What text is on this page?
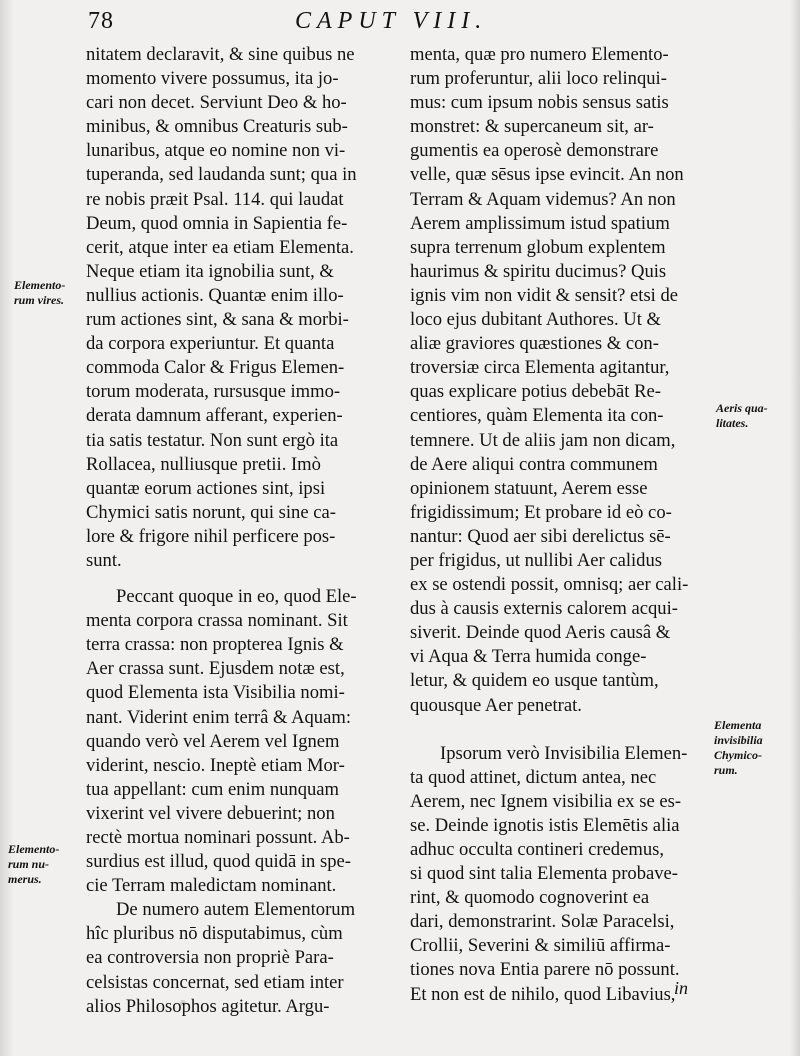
78	CAPUT VIII.
nitatem declaravit, & sine quibus ne
momento vivere possumus, ita jo-
cari non decet. Serviunt Deo & ho-
minibus, & omnibus Creaturis sub-
lunaribus, atque eo nomine non vi-
tuperanda, sed laudanda sunt; qua in
re nobis præit Psal. 114. qui laudat
Deum, quod omnia in Sapientia fe-
cerit, atque inter ea etiam Elementa.
Neque etiam ita ignobilia sunt, &
nullius actionis. Quantæ enim illo-
rum actiones sint, & sana & morbi-
da corpora experiuntur. Et quanta
commoda Calor & Frigus Elemen-
torum moderata, rursusque immo-
derata damnum afferant, experien-
tia satis testatur. Non sunt ergò ita
Rollacea, nulliusque pretii. Imò
quantæ eorum actiones sint, ipsi
Chymici satis norunt, qui sine ca-
lore & frigore nihil perficere pos-
sunt.
Peccant quoque in eo, quod Ele-
menta corpora crassa nominant. Sit
terra crassa: non propterea Ignis &
Aer crassa sunt. Ejusdem notæ est,
quod Elementa ista Visibilia nomi-
nant. Viderint enim terrâ & Aquam:
quando verò vel Aerem vel Ignem
viderint, nescio. Ineptè etiam Mor-
tua appellant: cum enim nunquam
vixerint vel vivere debuerint; non
rectè mortua nominari possunt. Ab-
surdius est illud, quod quidā in spe-
cie Terram maledictam nominant.
De numero autem Elementorum
hîc pluribus nō disputabimus, cùm
ea controversia non propriè Para-
celsistas concernat, sed etiam inter
alios Philosophos agitetur. Argu-
menta, quæ pro numero Elemento-
rum proferuntur, alii loco relinqui-
mus: cum ipsum nobis sensus satis
monstret: & supercaneum sit, ar-
gumentis ea operosè demonstrare
velle, quæ sēsus ipse evincit. An non
Terram & Aquam videmus? An non
Aerem amplissimum istud spatium
supra terrenum globum explentem
haurimus & spiritu ducimus? Quis
ignis vim non vidit & sensit? etsi de
loco ejus dubitant Authores. Ut &
aliæ graviores quæstiones & con-
troversiæ circa Elementa agitantur,
quas explicare potius debebāt Re-
centiores, quàm Elementa ita con-
temnere. Ut de aliis jam non dicam,
de Aere aliqui contra communem
opinionem statuunt, Aerem esse
frigidissimum; Et probare id eò co-
nantur: Quod aer sibi derelictus sē-
per frigidus, ut nullibi Aer calidus
ex se ostendi possit, omnisq; aer cali-
dus à causis externis calorem acqui-
siverit. Deinde quod Aeris causâ &
vi Aqua & Terra humida conge-
letur, & quidem eo usque tantùm,
quousque Aer penetrat.
Ipsorum verò Invisibilia Elemen-
ta quod attinet, dictum antea, nec
Aerem, nec Ignem visibilia ex se es-
se. Deinde ignotis istis Elemētis alia
adhuc occulta contineri credemus,
si quod sint talia Elementa probave-
rint, & quomodo cognoverint ea
dari, demonstrarint. Solæ Paracelsi,
Crollii, Severini & similiū affirma-
tiones nova Entia parere nō possunt.
Et non est de nihilo, quod Libavius,
Elemento-
rum vires.
Elemento-
rum nu-
merus.
Aeris qua-
litates.
Elementa
invisibilia
Chymico-
rum.
in
